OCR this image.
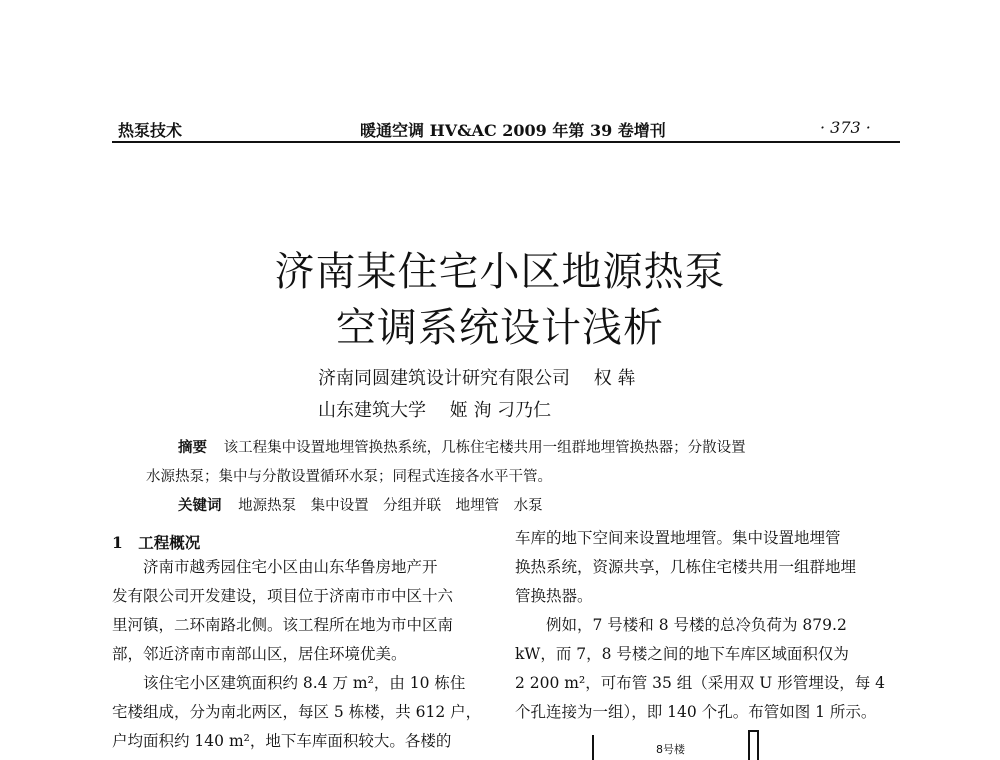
热泵技术	暖通空调 HV&AC 2009 年第 39 卷增刊	· 373 ·
济南某住宅小区地源热泵
空调系统设计浅析
济南同圆建筑设计研究有限公司 权 犇
山东建筑大学 姬 洵 刁乃仁
摘要 该工程集中设置地埋管换热系统，几栋住宅楼共用一组群地埋管换热器；分散设置
水源热泵；集中与分散设置循环水泵；同程式连接各水平干管。
关键词 地源热泵　集中设置　分组并联　地埋管　水泵
1　工程概况

　　济南市越秀园住宅小区由山东华鲁房地产开

发有限公司开发建设，项目位于济南市市中区十六

里河镇，二环南路北侧。该工程所在地为市中区南

部，邻近济南市南部山区，居住环境优美。

　　该住宅小区建筑面积约 8.4 万 m²，由 10 栋住

宅楼组成，分为南北两区，每区 5 栋楼，共 612 户，

户均面积约 140 m²，地下车库面积较大。各楼的

车库的地下空间来设置地埋管。集中设置地埋管

换热系统，资源共享，几栋住宅楼共用一组群地埋

管换热器。

　　例如，7 号楼和 8 号楼的总冷负荷为 879.2

kW，而 7，8 号楼之间的地下车库区域面积仅为

2 200 m²，可布管 35 组（采用双 U 形管埋设，每 4

个孔连接为一组），即 140 个孔。布管如图 1 所示。

8号楼
